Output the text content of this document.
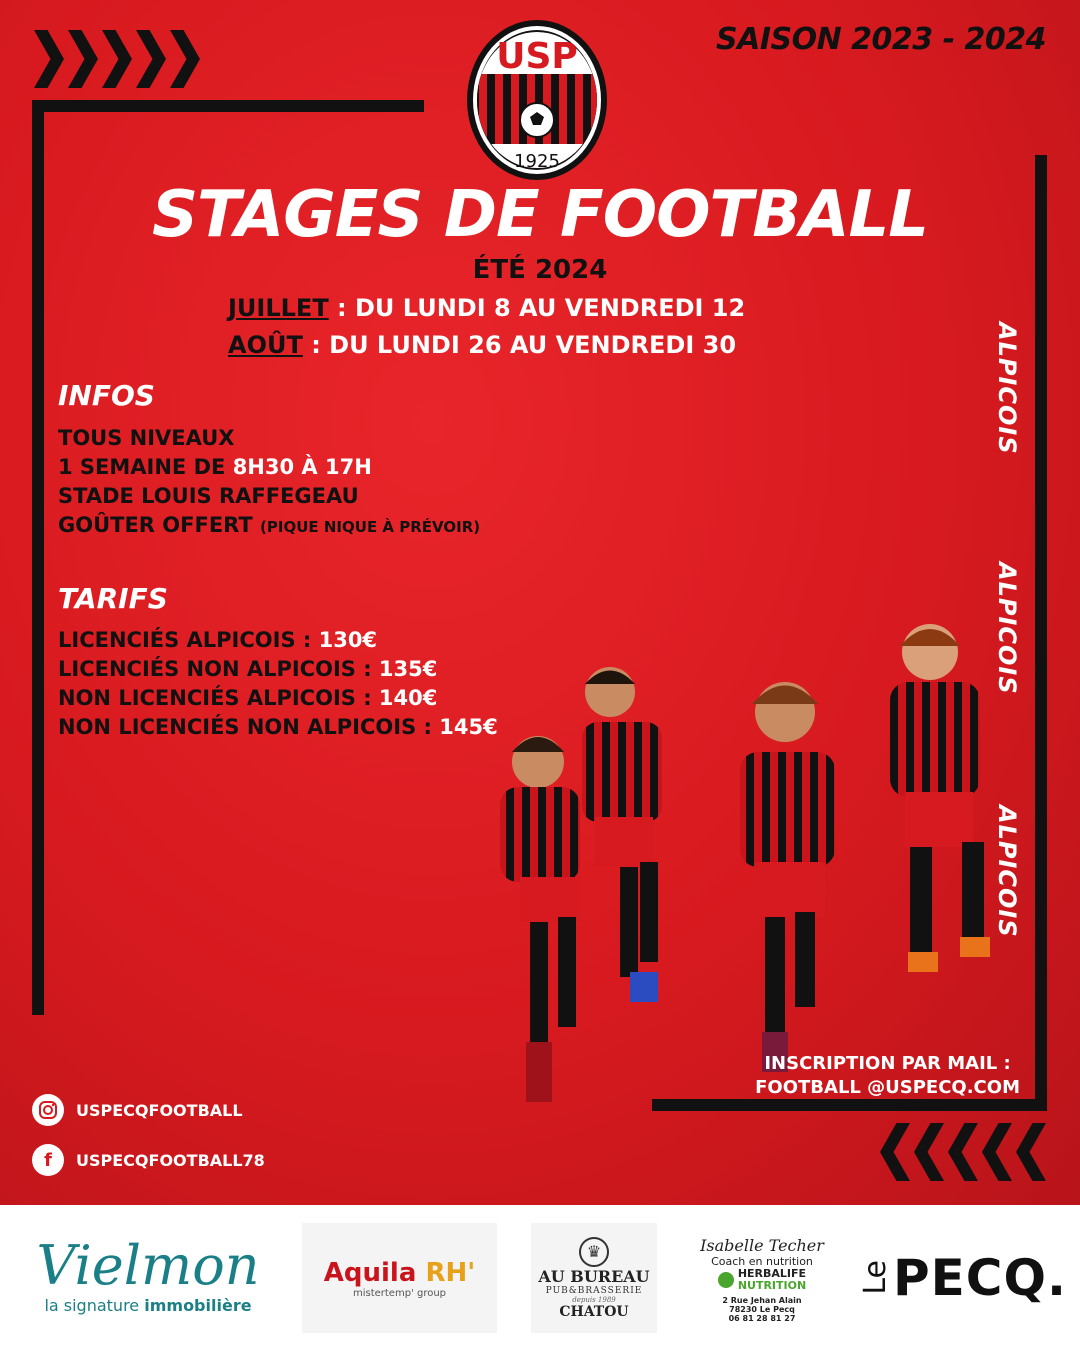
SAISON 2023 - 2024
USP
1925
STAGES DE FOOTBALL
ÉTÉ 2024
JUILLET : DU LUNDI 8 AU VENDREDI 12
AOÛT : DU LUNDI 26 AU VENDREDI 30
INFOS
TOUS NIVEAUX
1 SEMAINE DE 8H30 À 17H
STADE LOUIS RAFFEGEAU
GOÛTER OFFERT (PIQUE NIQUE À PRÉVOIR)
TARIFS
LICENCIÉS ALPICOIS : 130€
LICENCIÉS NON ALPICOIS : 135€
NON LICENCIÉS ALPICOIS : 140€
NON LICENCIÉS NON ALPICOIS : 145€
ALPICOIS
ALPICOIS
ALPICOIS
INSCRIPTION PAR MAIL :
FOOTBALL @USPECQ.COM
USPECQFOOTBALL
f	USPECQFOOTBALL78
Vielmon
la signature immobilière
Aquila RH'
mistertemp' group
♛
AU BUREAU
PUB&BRASSERIE
depuis 1989
CHATOU
Isabelle Techer
Coach en nutrition
HERBALIFE
NUTRITION
2 Rue Jehan Alain
78230 Le Pecq
06 81 28 81 27
Le PECQ .
